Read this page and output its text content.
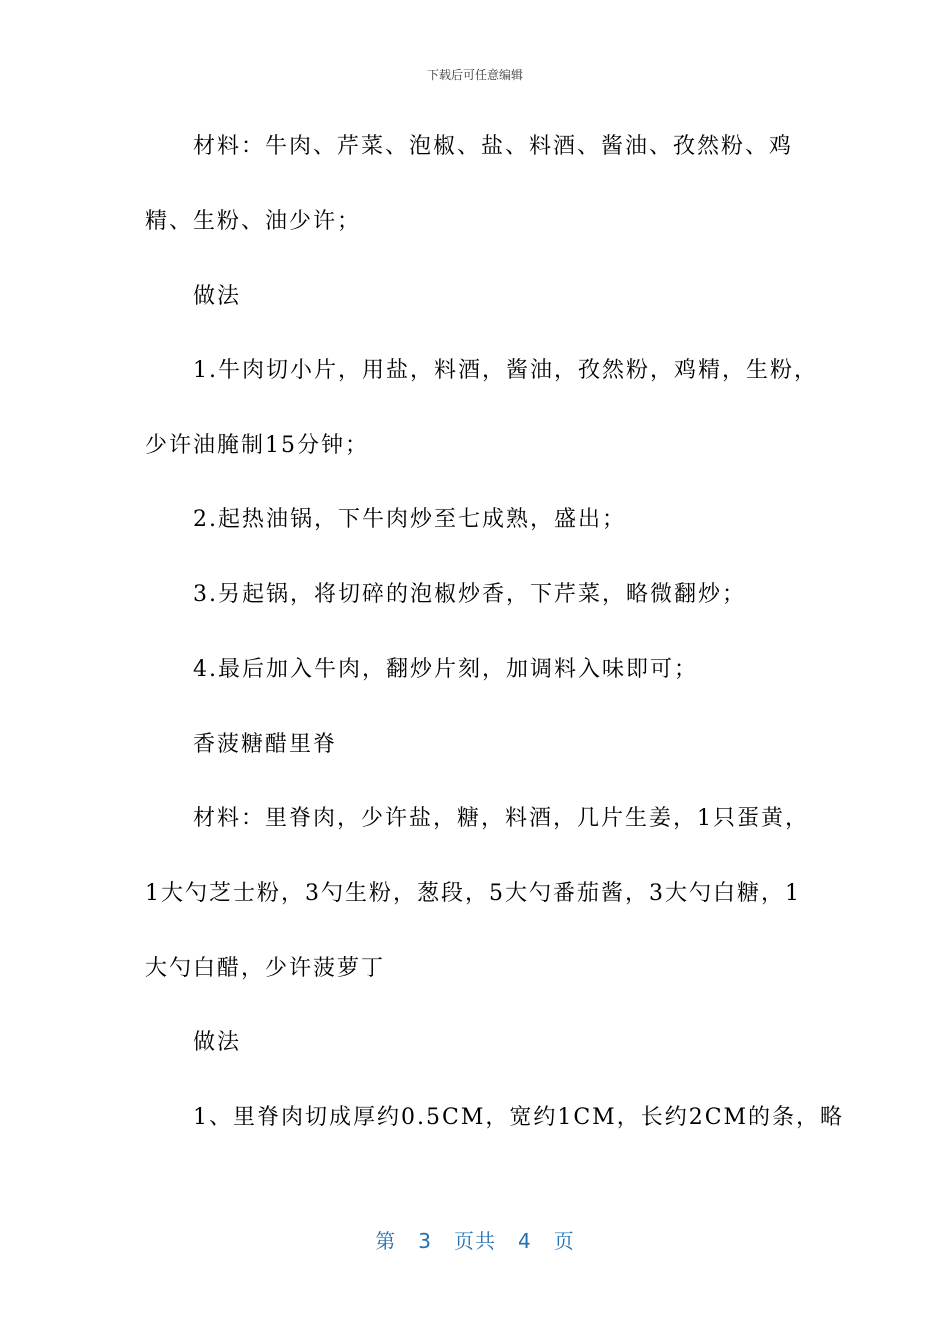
下载后可任意编辑
材料：牛肉、芹菜、泡椒、盐、料酒、酱油、孜然粉、鸡
精、生粉、油少许；
做法
1.牛肉切小片，用盐，料酒，酱油，孜然粉，鸡精，生粉，
少许油腌制15分钟；
2.起热油锅，下牛肉炒至七成熟，盛出；
3.另起锅，将切碎的泡椒炒香，下芹菜，略微翻炒；
4.最后加入牛肉，翻炒片刻，加调料入味即可；
香菠糖醋里脊
材料：里脊肉，少许盐，糖，料酒，几片生姜，1只蛋黄，
1大勺芝士粉，3勺生粉，葱段，5大勺番茄酱，3大勺白糖，1
大勺白醋，少许菠萝丁
做法
1、里脊肉切成厚约0.5CM，宽约1CM，长约2CM的条，略
第 3 页共 4 页
